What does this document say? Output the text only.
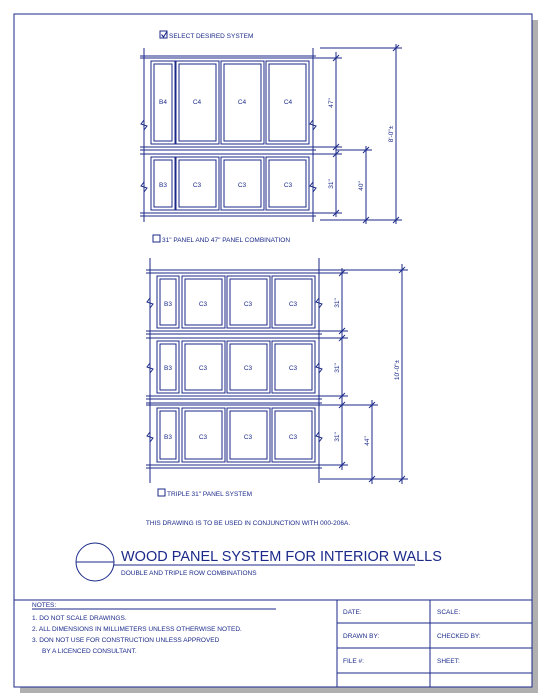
SELECT DESIRED SYSTEM
B4	C4	C4	C4
B3	C3	C3	C3
47"
31"	40"
8'-0"±
31" PANEL AND 47" PANEL COMBINATION
B3	C3	C3	C3
B3	C3	C3	C3
B3	C3	C3	C3
31"
31"
31"	44"
10'-0"±
TRIPLE 31" PANEL SYSTEM
THIS DRAWING IS TO BE USED IN CONJUNCTION WITH 000-206A.
WOOD PANEL SYSTEM FOR INTERIOR WALLS
DOUBLE AND TRIPLE ROW COMBINATIONS
NOTES:
1. DO NOT SCALE DRAWINGS.
2. ALL DIMENSIONS IN MILLIMETERS UNLESS OTHERWISE NOTED.
3. DON NOT USE FOR CONSTRUCTION UNLESS APPROVED
BY A LICENCED CONSULTANT.
DATE:	SCALE:
DRAWN BY:	CHECKED BY:
FILE #:	SHEET:
